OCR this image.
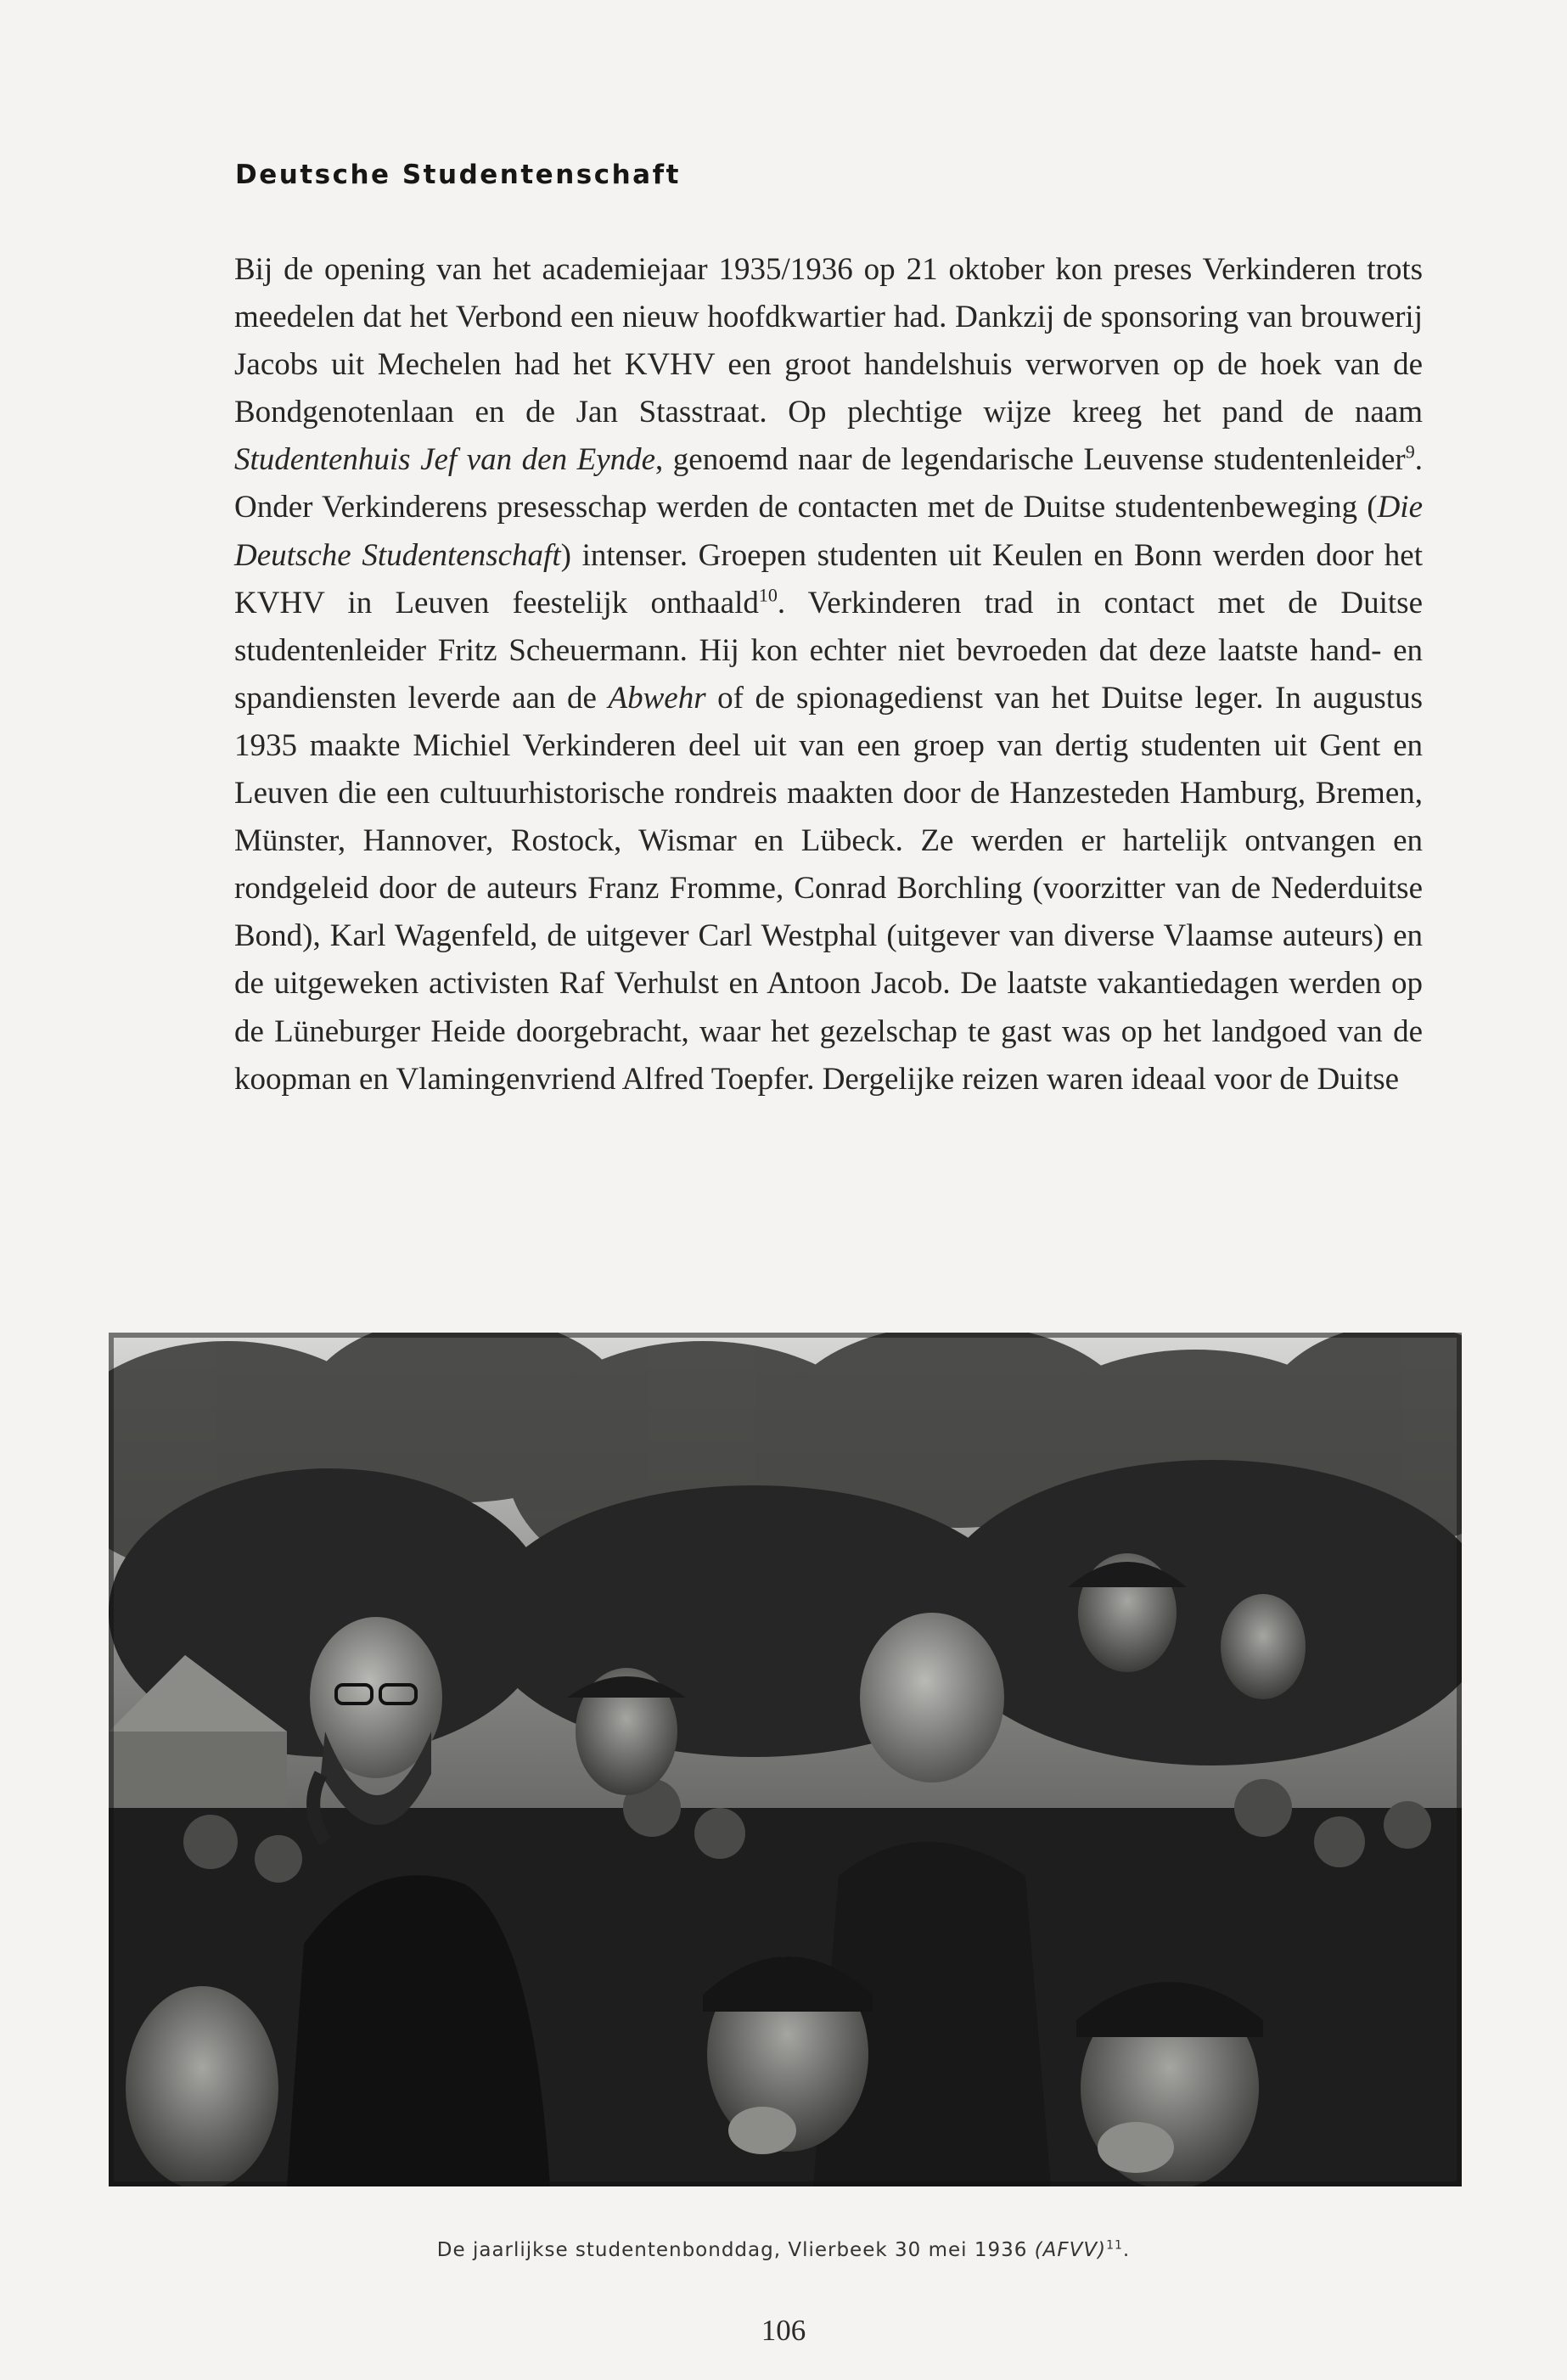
Deutsche Studentenschaft

Bij de opening van het academiejaar 1935/1936 op 21 oktober kon preses Verkinderen trots meedelen dat het Verbond een nieuw hoofdkwartier had. Dankzij de sponsoring van brouwerij Jacobs uit Mechelen had het KVHV een groot handelshuis verworven op de hoek van de Bondgenotenlaan en de Jan Stasstraat. Op plechtige wijze kreeg het pand de naam Studentenhuis Jef van den Eynde, genoemd naar de legendarische Leuvense studentenleider$^9$. Onder Verkinderens presesschap werden de contacten met de Duitse studentenbeweging (Die Deutsche Studentenschaft) intenser. Groepen studenten uit Keulen en Bonn werden door het KVHV in Leuven feestelijk onthaald$^{10}$. Verkinderen trad in contact met de Duitse studentenleider Fritz Scheuermann. Hij kon echter niet bevroeden dat deze laatste hand- en spandiensten leverde aan de Abwehr of de spionagedienst van het Duitse leger. In augustus 1935 maakte Michiel Verkinderen deel uit van een groep van dertig studenten uit Gent en Leuven die een cultuurhistorische rondreis maakten door de Hanzesteden Hamburg, Bremen, Münster, Hannover, Rostock, Wismar en Lübeck. Ze werden er hartelijk ontvangen en rondgeleid door de auteurs Franz Fromme, Conrad Borchling (voorzitter van de Nederduitse Bond), Karl Wagenfeld, de uitgever Carl Westphal (uitgever van diverse Vlaamse auteurs) en de uitgeweken activisten Raf Verhulst en Antoon Jacob. De laatste vakantiedagen werden op de Lüneburger Heide doorgebracht, waar het gezelschap te gast was op het landgoed van de koopman en Vlamingenvriend Alfred Toepfer. Dergelijke reizen waren ideaal voor de Duitse

De jaarlijkse studentenbonddag, Vlierbeek 30 mei 1936 (AFVV)$^{11}$.

106
